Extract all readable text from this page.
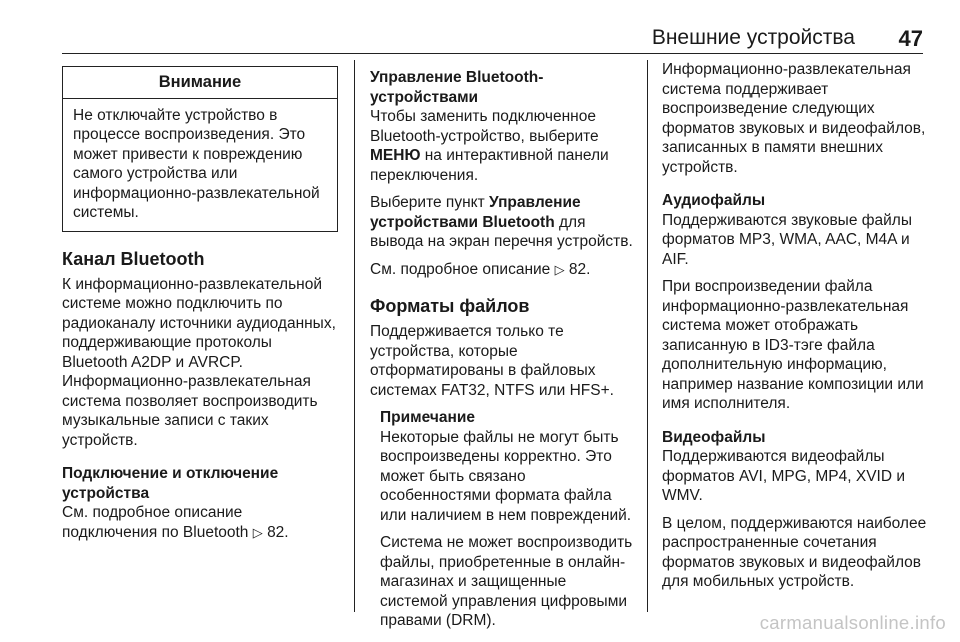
Внешние устройства 47
Внимание
Не отключайте устройство в процессе воспроизведения. Это может привести к повреждению самого устройства или информационно-развлекательной системы.
Канал Bluetooth

К информационно-развлекательной системе можно подключить по радиоканалу источники аудиоданных, поддерживающие протоколы Bluetooth A2DP и AVRCP. Информационно-развлекательная система позволяет воспроизводить музыкальные записи с таких устройств.

Подключение и отключение устройства

См. подробное описание подключения по Bluetooth ▷ 82.

Управление Bluetooth-устройствами

Чтобы заменить подключенное Bluetooth-устройство, выберите МЕНЮ на интерактивной панели переключения.

Выберите пункт Управление устройствами Bluetooth для вывода на экран перечня устройств.

См. подробное описание ▷ 82.

Форматы файлов

Поддерживается только те устройства, которые отформатированы в файловых системах FAT32, NTFS или HFS+.

Примечание

Некоторые файлы не могут быть воспроизведены корректно. Это может быть связано особенностями формата файла или наличием в нем повреждений.

Система не может воспроизводить файлы, приобретенные в онлайн-магазинах и защищенные системой управления цифровыми правами (DRM).

Информационно-развлекательная система поддерживает воспроизведение следующих форматов звуковых и видеофайлов, записанных в памяти внешних устройств.

Аудиофайлы

Поддерживаются звуковые файлы форматов MP3, WMA, AAC, M4A и AIF.

При воспроизведении файла информационно-развлекательная система может отображать записанную в ID3-тэге файла дополнительную информацию, например название композиции или имя исполнителя.

Видеофайлы

Поддерживаются видеофайлы форматов AVI, MPG, MP4, XVID и WMV.

В целом, поддерживаются наиболее распространенные сочетания форматов звуковых и видеофайлов для мобильных устройств.

carmanualsonline.info
